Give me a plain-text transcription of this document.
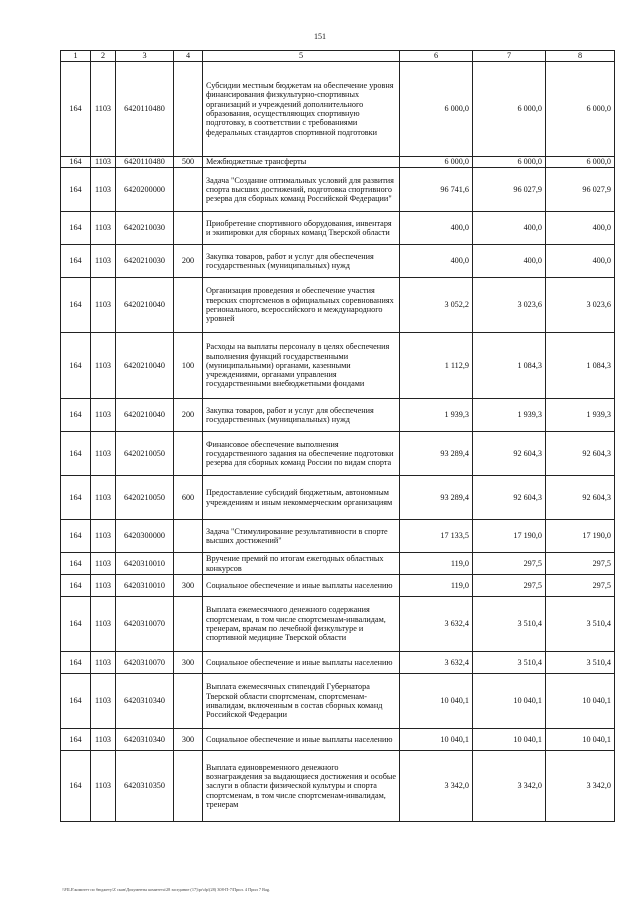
151
1	2	3	4	5	6	7	8
164	1103	6420110480		Субсидии местным бюджетам на обеспечение уровня финансирования физкультурно-спортивных организаций и учреждений дополнительного образования, осуществляющих спортивную подготовку, в соответствии с требованиями федеральных стандартов спортивной подготовки	6 000,0	6 000,0	6 000,0
164	1103	6420110480	500	Межбюджетные трансферты	6 000,0	6 000,0	6 000,0
164	1103	6420200000		Задача "Создание оптимальных условий для развития спорта высших достижений, подготовка спортивного резерва для сборных команд Российской Федерации"	96 741,6	96 027,9	96 027,9
164	1103	6420210030		Приобретение спортивного оборудования, инвентаря и экипировки для сборных команд Тверской области	400,0	400,0	400,0
164	1103	6420210030	200	Закупка товаров, работ и услуг для обеспечения государственных (муниципальных) нужд	400,0	400,0	400,0
164	1103	6420210040		Организация проведения и обеспечение участия тверских спортсменов в официальных соревнованиях регионального, всероссийского и международного уровней	3 052,2	3 023,6	3 023,6
164	1103	6420210040	100	Расходы на выплаты персоналу в целях обеспечения выполнения функций государственными (муниципальными) органами, казенными учреждениями, органами управления государственными внебюджетными фондами	1 112,9	1 084,3	1 084,3
164	1103	6420210040	200	Закупка товаров, работ и услуг для обеспечения государственных (муниципальных) нужд	1 939,3	1 939,3	1 939,3
164	1103	6420210050		Финансовое обеспечение выполнения государственного задания на обеспечение подготовки резерва для сборных команд России по видам спорта	93 289,4	92 604,3	92 604,3
164	1103	6420210050	600	Предоставление субсидий бюджетным, автономным учреждениям и иным некоммерческим организациям	93 289,4	92 604,3	92 604,3
164	1103	6420300000		Задача "Стимулирование результативности в спорте высших достижений"	17 133,5	17 190,0	17 190,0
164	1103	6420310010		Вручение премий по итогам ежегодных областных конкурсов	119,0	297,5	297,5
164	1103	6420310010	300	Социальное обеспечение и иные выплаты населению	119,0	297,5	297,5
164	1103	6420310070		Выплата ежемесячного денежного содержания спортсменам, в том числе спортсменам-инвалидам, тренерам, врачам по лечебной физкультуре и спортивной медицине Тверской области	3 632,4	3 510,4	3 510,4
164	1103	6420310070	300	Социальное обеспечение и иные выплаты населению	3 632,4	3 510,4	3 510,4
164	1103	6420310340		Выплата ежемесячных стипендий Губернатора Тверской области спортсменам, спортсменам-инвалидам, включенным в состав сборных команд Российской Федерации	10 040,1	10 040,1	10 040,1
164	1103	6420310340	300	Социальное обеспечение и иные выплаты населению	10 040,1	10 040,1	10 040,1
164	1103	6420310350		Выплата единовременного денежного вознаграждения за выдающиеся достижения и особые заслуги в области физической культуры и спорта спортсменам, в том числе спортсменам-инвалидам, тренерам	3 342,0	3 342,0	3 342,0
\\FILE\комитет по бюджету\Z скан\Документы комитета\28 заседание (17)\pr\dp\(28) 308-П-7\Прил. 4 Прил 7 Bag.
